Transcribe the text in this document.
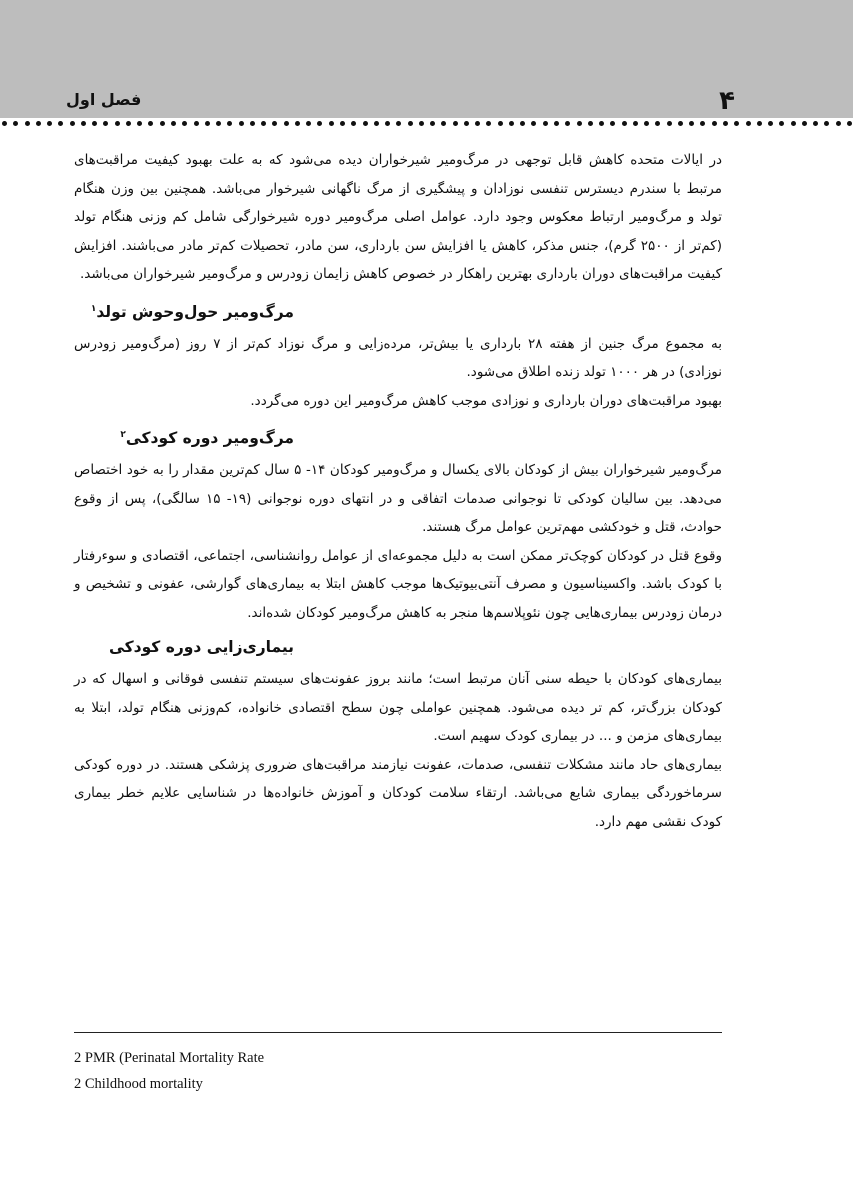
۴
فصل اول

در ایالات متحده کاهش قابل توجهی در مرگ‌ومیر شیرخواران دیده می‌شود که به علت بهبود کیفیت مراقبت‌های مرتبط با سندرم دیسترس تنفسی نوزادان و پیشگیری از مرگ ناگهانی شیرخوار می‌باشد. همچنین بین وزن هنگام تولد و مرگ‌ومیر ارتباط معکوس وجود دارد. عوامل اصلی مرگ‌ومیر دوره شیرخوارگی شامل کم وزنی هنگام تولد (کم‌تر از ۲۵۰۰ گرم)، جنس مذکر، کاهش یا افزایش سن بارداری، سن مادر، تحصیلات کم‌تر مادر می‌باشند. افزایش کیفیت مراقبت‌های دوران بارداری بهترین راهکار در خصوص کاهش زایمان زودرس و مرگ‌ومیر شیرخواران می‌باشد.

مرگ‌ومیر حول‌وحوش تولد$^۱$

به مجموع مرگ جنین از هفته ۲۸ بارداری یا بیش‌تر، مرده‌زایی و مرگ نوزاد کم‌تر از ۷ روز (مرگ‌ومیر زودرس نوزادی) در هر ۱۰۰۰ تولد زنده اطلاق می‌شود.

بهبود مراقبت‌های دوران بارداری و نوزادی موجب کاهش مرگ‌ومیر این دوره می‌گردد.

مرگ‌ومیر دوره کودکی$^۲$

مرگ‌ومیر شیرخواران بیش از کودکان بالای یکسال و مرگ‌ومیر کودکان ۱۴- ۵ سال کم‌ترین مقدار را به خود اختصاص می‌دهد. بین سالیان کودکی تا نوجوانی صدمات اتفاقی و در انتهای دوره نوجوانی (۱۹- ۱۵ سالگی)، پس از وقوع حوادث، قتل و خودکشی مهم‌ترین عوامل مرگ هستند.

وقوع قتل در کودکان کوچک‌تر ممکن است به دلیل مجموعه‌ای از عوامل روانشناسی، اجتماعی، اقتصادی و سوءرفتار با کودک باشد. واکسیناسیون و مصرف آنتی‌بیوتیک‌ها موجب کاهش ابتلا به بیماری‌های گوارشی، عفونی و تشخیص و درمان زودرس بیماری‌هایی چون نئوپلاسم‌ها منجر به کاهش مرگ‌ومیر کودکان شده‌اند.

بیماری‌زایی دوره کودکی

بیماری‌های کودکان با حیطه سنی آنان مرتبط است؛ مانند بروز عفونت‌های سیستم تنفسی فوقانی و اسهال که در کودکان بزرگ‌تر، کم تر دیده می‌شود. همچنین عواملی چون سطح اقتصادی خانواده، کم‌وزنی هنگام تولد، ابتلا به بیماری‌های مزمن و ... در بیماری کودک سهیم است.

بیماری‌های حاد مانند مشکلات تنفسی، صدمات، عفونت نیازمند مراقبت‌های ضروری پزشکی هستند. در دوره کودکی سرماخوردگی بیماری شایع می‌باشد. ارتقاء سلامت کودکان و آموزش خانواده‌ها در شناسایی علایم خطر بیماری کودک نقشی مهم دارد.

2 PMR (Perinatal Mortality Rate
2 Childhood mortality
